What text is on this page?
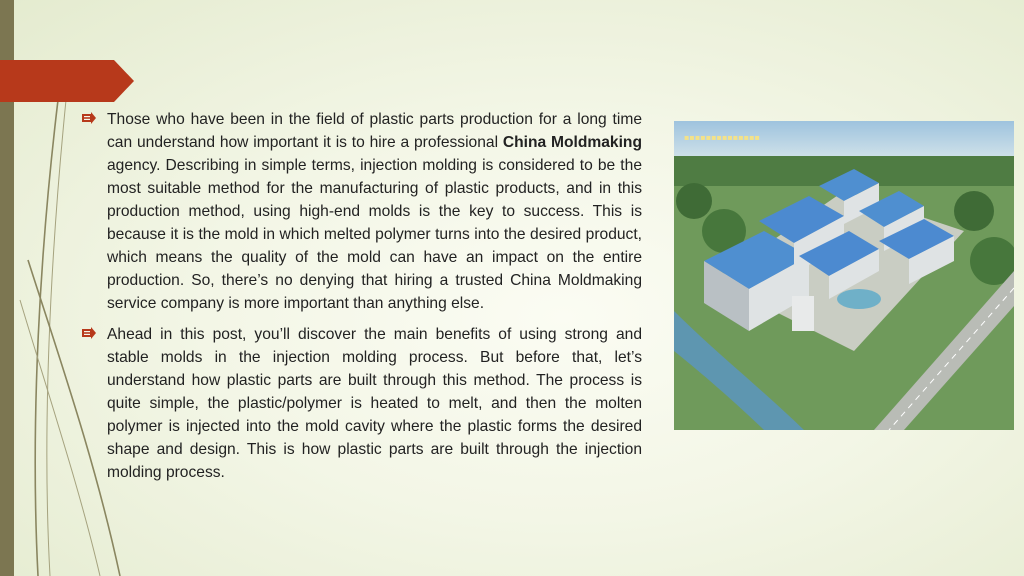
Those who have been in the field of plastic parts production for a long time can understand how important it is to hire a professional China Moldmaking agency. Describing in simple terms, injection molding is considered to be the most suitable method for the manufacturing of plastic products, and in this production method, using high-end molds is the key to success. This is because it is the mold in which melted polymer turns into the desired product, which means the quality of the mold can have an impact on the entire production. So, there’s no denying that hiring a trusted China Moldmaking service company is more important than anything else.

Ahead in this post, you’ll discover the main benefits of using strong and stable molds in the injection molding process. But before that, let’s understand how plastic parts are built through this method. The process is quite simple, the plastic/polymer is heated to melt, and then the molten polymer is injected into the mold cavity where the plastic forms the desired shape and design. This is how plastic parts are built through the injection molding process.

▪▪▪▪▪▪▪▪▪▪▪▪▪▪
